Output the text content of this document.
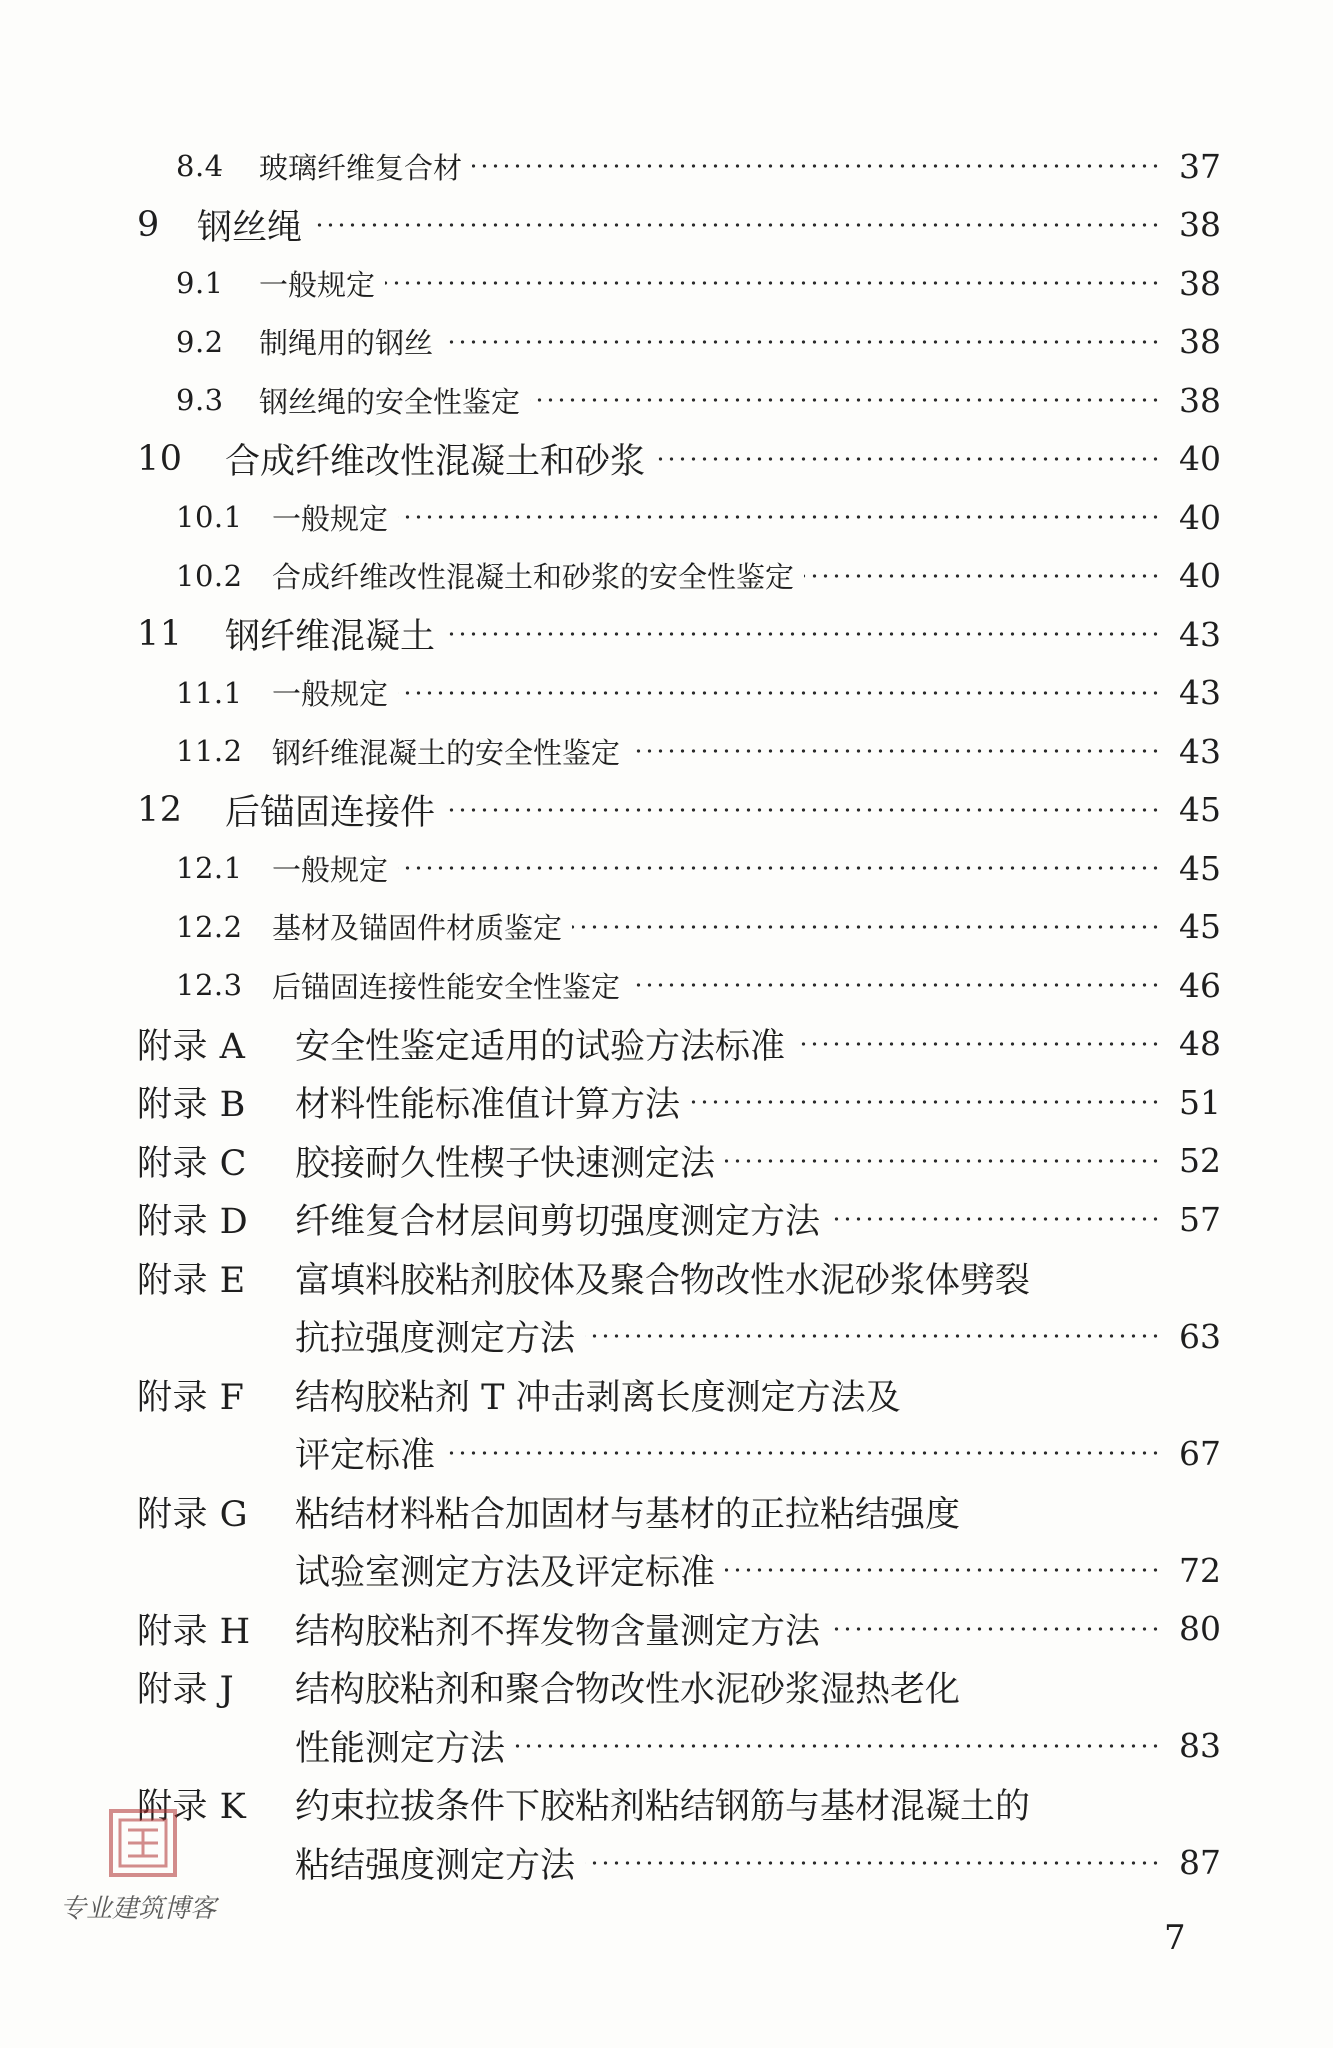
8.4 玻璃纤维复合材	37
9 钢丝绳	38
9.1 一般规定	38
9.2 制绳用的钢丝	38
9.3 钢丝绳的安全性鉴定	38
10 合成纤维改性混凝土和砂浆	40
10.1 一般规定	40
10.2 合成纤维改性混凝土和砂浆的安全性鉴定	40
11 钢纤维混凝土	43
11.1 一般规定	43
11.2 钢纤维混凝土的安全性鉴定	43
12 后锚固连接件	45
12.1 一般规定	45
12.2 基材及锚固件材质鉴定	45
12.3 后锚固连接性能安全性鉴定	46
附录 A 安全性鉴定适用的试验方法标准	48
附录 B 材料性能标准值计算方法	51
附录 C 胶接耐久性楔子快速测定法	52
附录 D 纤维复合材层间剪切强度测定方法	57
附录 E 富填料胶粘剂胶体及聚合物改性水泥砂浆体劈裂
抗拉强度测定方法	63
附录 F 结构胶粘剂 T 冲击剥离长度测定方法及
评定标准	67
附录 G 粘结材料粘合加固材与基材的正拉粘结强度
试验室测定方法及评定标准	72
附录 H 结构胶粘剂不挥发物含量测定方法	80
附录 J 结构胶粘剂和聚合物改性水泥砂浆湿热老化
性能测定方法	83
附录 K 约束拉拔条件下胶粘剂粘结钢筋与基材混凝土的
粘结强度测定方法	87
专业建筑博客
7
